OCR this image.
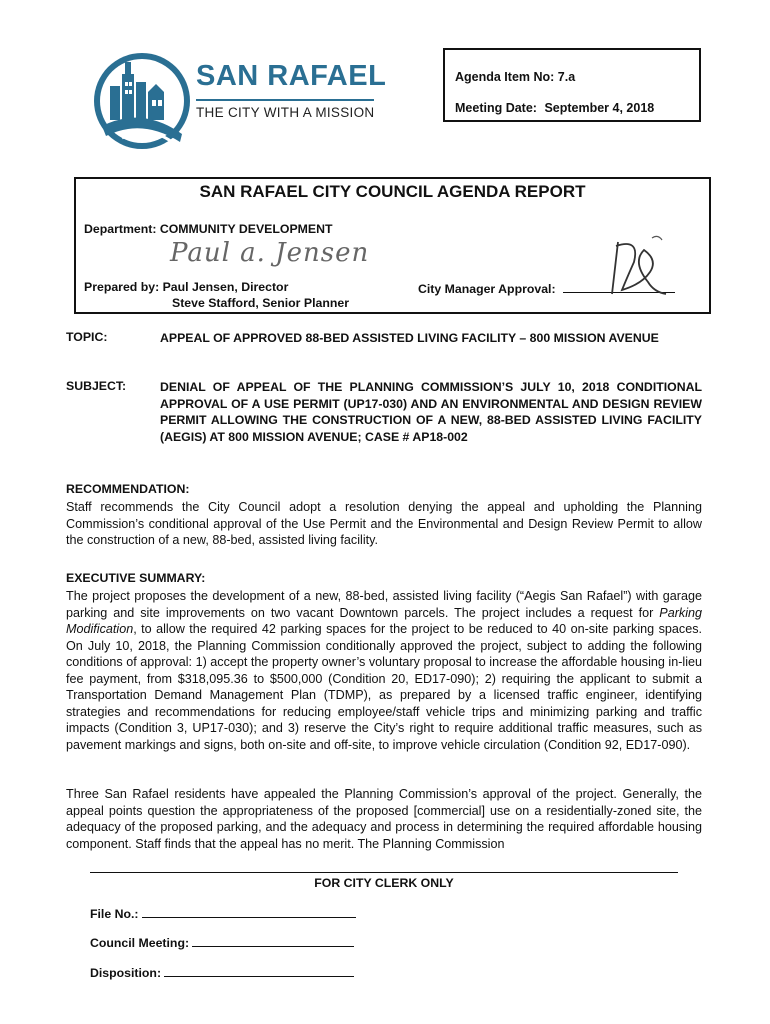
SAN RAFAEL
THE CITY WITH A MISSION
Agenda Item No: 7.a
Meeting Date: September 4, 2018
SAN RAFAEL CITY COUNCIL AGENDA REPORT
Department: COMMUNITY DEVELOPMENT
Paul a. Jensen
Prepared by: Paul Jensen, Director
Steve Stafford, Senior Planner
City Manager Approval:
TOPIC:	APPEAL OF APPROVED 88-BED ASSISTED LIVING FACILITY – 800 MISSION AVENUE
SUBJECT:	DENIAL OF APPEAL OF THE PLANNING COMMISSION’S JULY 10, 2018 CONDITIONAL APPROVAL OF A USE PERMIT (UP17-030) AND AN ENVIRONMENTAL AND DESIGN REVIEW PERMIT ALLOWING THE CONSTRUCTION OF A NEW, 88-BED ASSISTED LIVING FACILITY (AEGIS) AT 800 MISSION AVENUE; CASE # AP18-002
RECOMMENDATION:
Staff recommends the City Council adopt a resolution denying the appeal and upholding the Planning Commission’s conditional approval of the Use Permit and the Environmental and Design Review Permit to allow the construction of a new, 88-bed, assisted living facility.
EXECUTIVE SUMMARY:
The project proposes the development of a new, 88-bed, assisted living facility (“Aegis San Rafael”) with garage parking and site improvements on two vacant Downtown parcels. The project includes a request for Parking Modification, to allow the required 42 parking spaces for the project to be reduced to 40 on-site parking spaces. On July 10, 2018, the Planning Commission conditionally approved the project, subject to adding the following conditions of approval: 1) accept the property owner’s voluntary proposal to increase the affordable housing in-lieu fee payment, from $318,095.36 to $500,000 (Condition 20, ED17-090); 2) requiring the applicant to submit a Transportation Demand Management Plan (TDMP), as prepared by a licensed traffic engineer, identifying strategies and recommendations for reducing employee/staff vehicle trips and minimizing parking and traffic impacts (Condition 3, UP17-030); and 3) reserve the City’s right to require additional traffic measures, such as pavement markings and signs, both on-site and off-site, to improve vehicle circulation (Condition 92, ED17-090).
Three San Rafael residents have appealed the Planning Commission’s approval of the project. Generally, the appeal points question the appropriateness of the proposed [commercial] use on a residentially-zoned site, the adequacy of the proposed parking, and the adequacy and process in determining the required affordable housing component. Staff finds that the appeal has no merit. The Planning Commission
FOR CITY CLERK ONLY
File No.:
Council Meeting:
Disposition:
